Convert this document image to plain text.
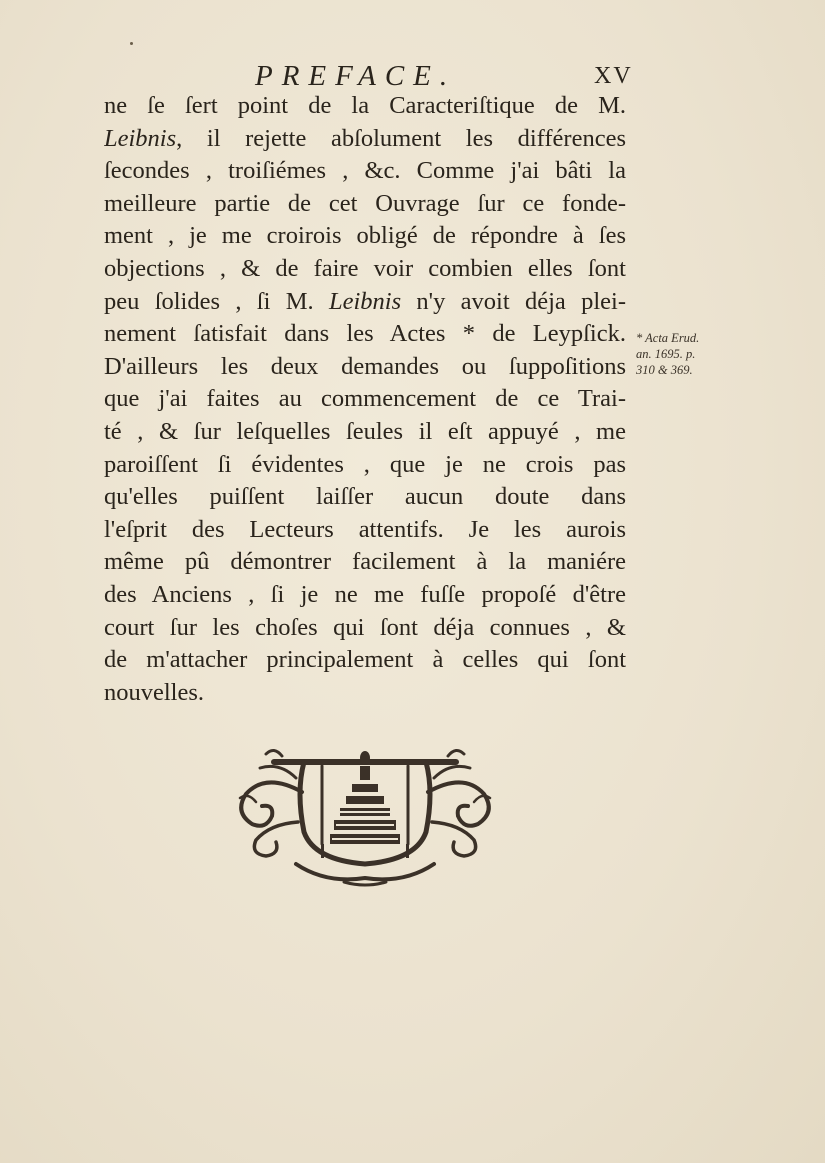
PREFACE.	XV
ne ſe ſert point de la Caracteriſtique de M.
Leibnis, il rejette abſolument les différences
ſecondes , troiſiémes , &c. Comme j'ai bâti la
meilleure partie de cet Ouvrage ſur ce fonde-
ment , je me croirois obligé de répondre à ſes
objections , & de faire voir combien elles ſont
peu ſolides , ſi M. Leibnis n'y avoit déja plei-
nement ſatisfait dans les Actes * de Leypſick.
D'ailleurs les deux demandes ou ſuppoſitions
que j'ai faites au commencement de ce Trai-
té , & ſur leſquelles ſeules il eſt appuyé , me
paroiſſent ſi évidentes , que je ne crois pas
qu'elles puiſſent laiſſer aucun doute dans
l'eſprit des Lecteurs attentifs. Je les aurois
même pû démontrer facilement à la maniére
des Anciens , ſi je ne me fuſſe propoſé d'être
court ſur les choſes qui ſont déja connues , &
de m'attacher principalement à celles qui ſont
nouvelles.
* Acta Erud.
an. 1695. p.
310 & 369.
